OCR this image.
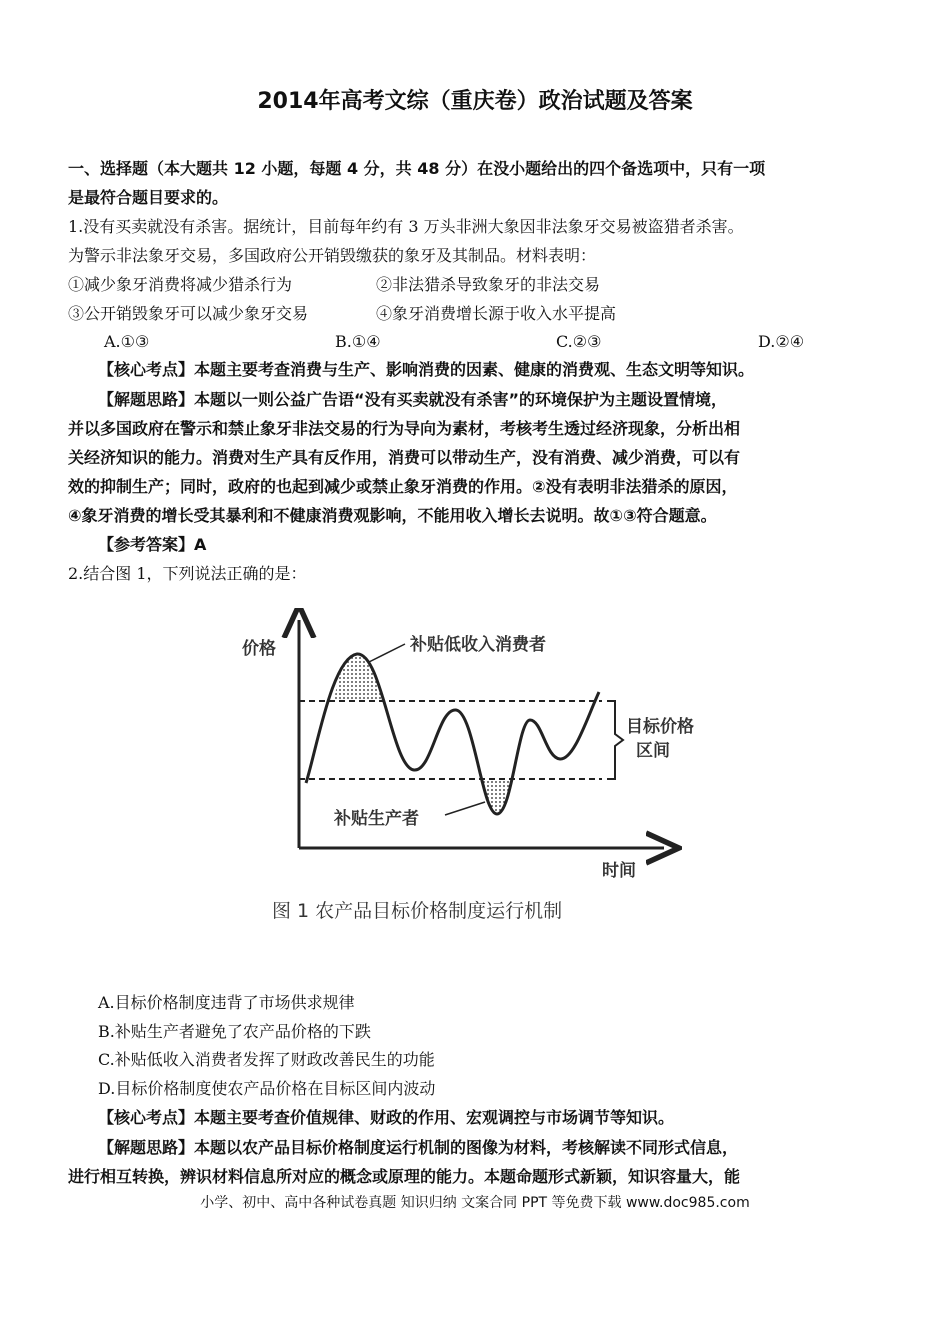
2014年高考文综（重庆卷）政治试题及答案
一、选择题（本大题共 12 小题，每题 4 分，共 48 分）在没小题给出的四个备选项中，只有一项
是最符合题目要求的。
1.没有买卖就没有杀害。据统计，目前每年约有 3 万头非洲大象因非法象牙交易被盗猎者杀害。
为警示非法象牙交易，多国政府公开销毁缴获的象牙及其制品。材料表明：
①减少象牙消费将减少猎杀行为	②非法猎杀导致象牙的非法交易
③公开销毁象牙可以减少象牙交易	④象牙消费增长源于收入水平提高
A.①③	B.①④	C.②③	D.②④
【核心考点】本题主要考查消费与生产、影响消费的因素、健康的消费观、生态文明等知识。
【解题思路】本题以一则公益广告语“没有买卖就没有杀害”的环境保护为主题设置情境，
并以多国政府在警示和禁止象牙非法交易的行为导向为素材，考核考生透过经济现象，分析出相
关经济知识的能力。消费对生产具有反作用，消费可以带动生产，没有消费、减少消费，可以有
效的抑制生产；同时，政府的也起到减少或禁止象牙消费的作用。②没有表明非法猎杀的原因，
④象牙消费的增长受其暴利和不健康消费观影响，不能用收入增长去说明。故①③符合题意。
【参考答案】A
2.结合图 1，下列说法正确的是：
价格
时间
补贴低收入消费者
补贴生产者
目标价格
区间
图 1 农产品目标价格制度运行机制
A.目标价格制度违背了市场供求规律
B.补贴生产者避免了农产品价格的下跌
C.补贴低收入消费者发挥了财政改善民生的功能
D.目标价格制度使农产品价格在目标区间内波动
【核心考点】本题主要考查价值规律、财政的作用、宏观调控与市场调节等知识。
【解题思路】本题以农产品目标价格制度运行机制的图像为材料，考核解读不同形式信息，
进行相互转换，辨识材料信息所对应的概念或原理的能力。本题命题形式新颖，知识容量大，能
小学、初中、高中各种试卷真题 知识归纳 文案合同 PPT 等免费下载 www.doc985.com
